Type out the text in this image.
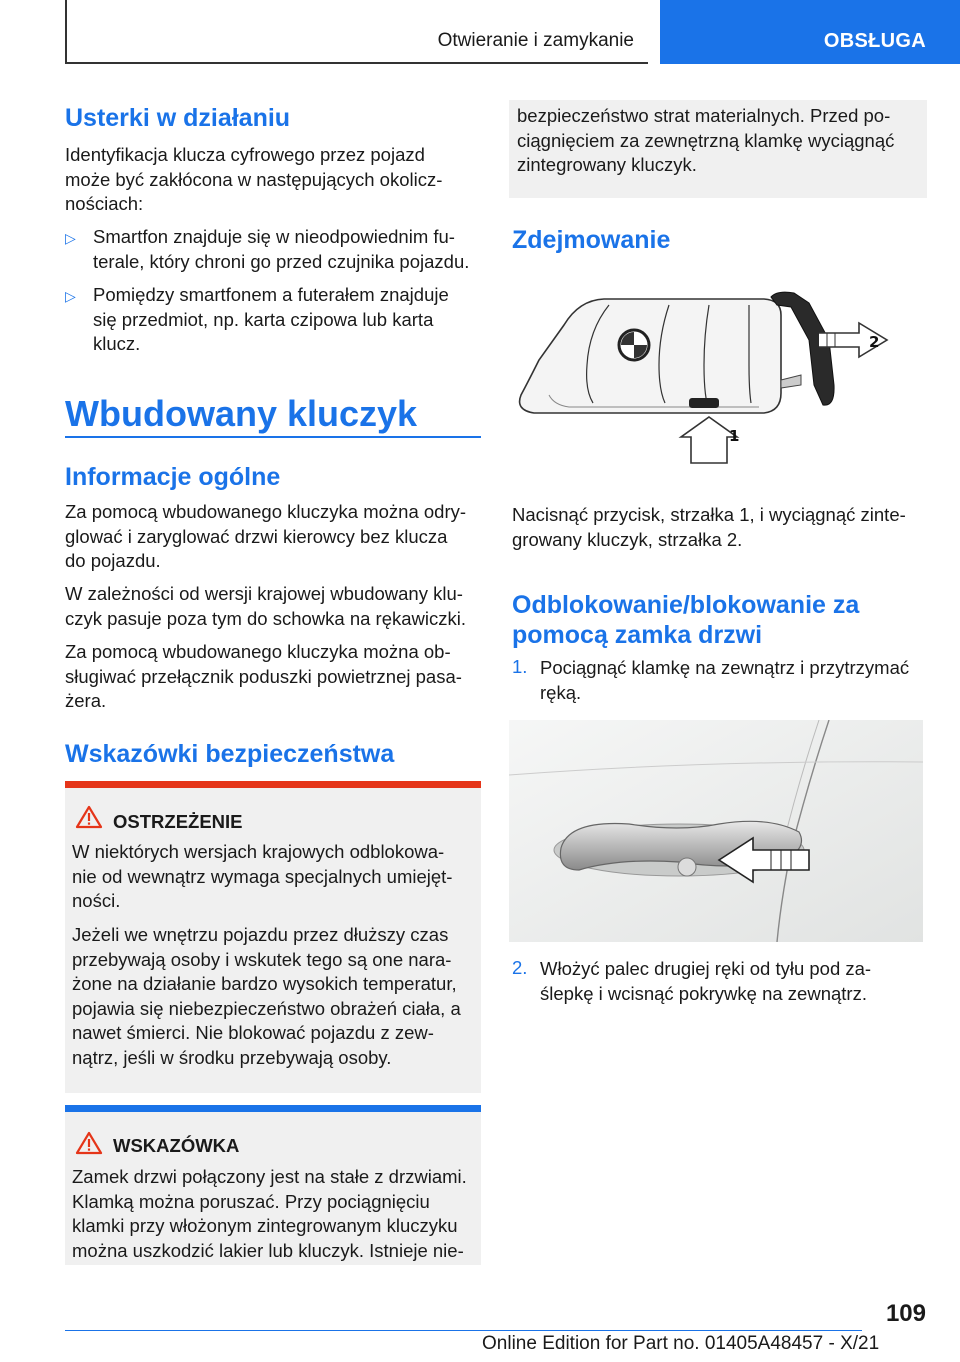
Otwieranie i zamykanie	OBSŁUGA
Usterki w działaniu
Identyfikacja klucza cyfrowego przez pojazd
może być zakłócona w następujących okolicz-
nościach:
▷ Smartfon znajduje się w nieodpowiednim fu-
terale, który chroni go przed czujnika pojazdu.
▷ Pomiędzy smartfonem a futerałem znajduje
się przedmiot, np. karta czipowa lub karta
klucz.
Wbudowany kluczyk
Informacje ogólne
Za pomocą wbudowanego kluczyka można odry-
glować i zaryglować drzwi kierowcy bez klucza
do pojazdu.
W zależności od wersji krajowej wbudowany klu-
czyk pasuje poza tym do schowka na rękawiczki.
Za pomocą wbudowanego kluczyka można ob-
sługiwać przełącznik poduszki powietrznej pasa-
żera.
Wskazówki bezpieczeństwa
OSTRZEŻENIE
W niektórych wersjach krajowych odblokowa-
nie od wewnątrz wymaga specjalnych umiejęt-
ności.
Jeżeli we wnętrzu pojazdu przez dłuższy czas
przebywają osoby i wskutek tego są one nara-
żone na działanie bardzo wysokich temperatur,
pojawia się niebezpieczeństwo obrażeń ciała, a
nawet śmierci. Nie blokować pojazdu z zew-
nątrz, jeśli w środku przebywają osoby.
WSKAZÓWKA
Zamek drzwi połączony jest na stałe z drzwiami.
Klamką można poruszać. Przy pociągnięciu
klamki przy włożonym zintegrowanym kluczyku
można uszkodzić lakier lub kluczyk. Istnieje nie-
bezpieczeństwo strat materialnych. Przed po-
ciągnięciem za zewnętrzną klamkę wyciągnąć
zintegrowany kluczyk.
Zdejmowanie
2
1
Nacisnąć przycisk, strzałka 1, i wyciągnąć zinte-
growany kluczyk, strzałka 2.
Odblokowanie/blokowanie za
pomocą zamka drzwi
1. Pociągnąć klamkę na zewnątrz i przytrzymać
ręką.
2. Włożyć palec drugiej ręki od tyłu pod za-
ślepkę i wcisnąć pokrywkę na zewnątrz.
109
Online Edition for Part no. 01405A48457 - X/21
